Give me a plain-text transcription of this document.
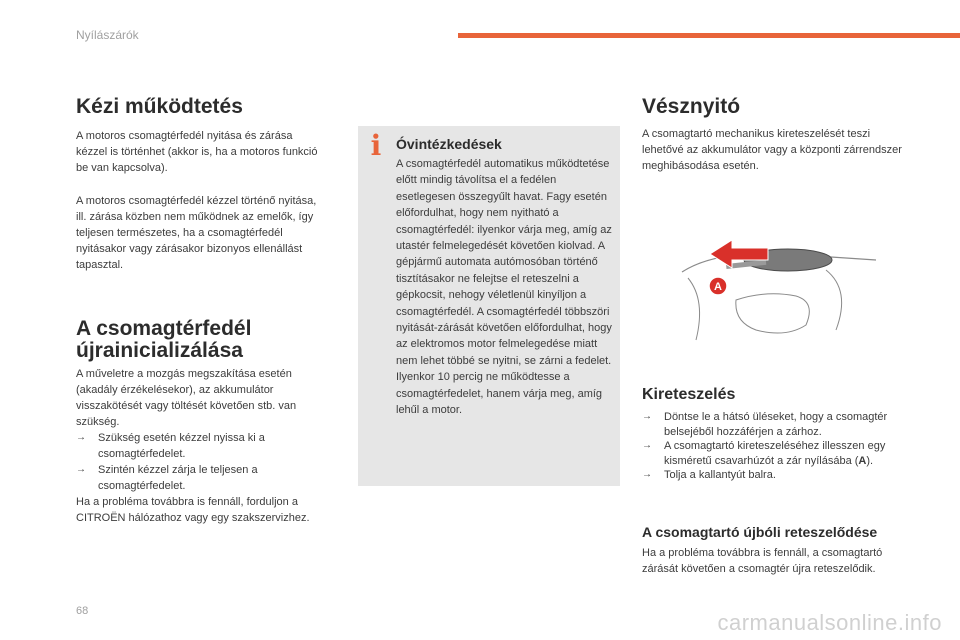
Nyílászárók
Kézi működtetés

A motoros csomagtérfedél nyitása és zárása kézzel is történhet (akkor is, ha a motoros funkció be van kapcsolva).

A motoros csomagtérfedél kézzel történő nyitása, ill. zárása közben nem működnek az emelők, így teljesen természetes, ha a csomagtérfedél nyitásakor vagy zárásakor bizonyos ellenállást tapasztal.

A csomagtérfedél újrainicializálása

A műveletre a mozgás megszakítása esetén (akadály érzékelésekor), az akkumulátor visszakötését vagy töltését követően stb. van szükség.

→ Szükség esetén kézzel nyissa ki a csomagtérfedelet.
→ Szintén kézzel zárja le teljesen a csomagtérfedelet.

Ha a probléma továbbra is fennáll, forduljon a CITROËN hálózathoz vagy egy szakszervizhez.

i	Óvintézkedések
A csomagtérfedél automatikus működtetése előtt mindig távolítsa el a fedélen esetlegesen összegyűlt havat. Fagy esetén előfordulhat, hogy nem nyitható a csomagtérfedél: ilyenkor várja meg, amíg az utastér felmelegedését követően kiolvad. A gépjármű automata autómosóban történő tisztításakor ne felejtse el reteszelni a gépkocsit, nehogy véletlenül kinyíljon a csomagtérfedél. A csomagtérfedél többszöri nyitását-zárását követően előfordulhat, hogy az elektromos motor felmelegedése miatt nem lehet többé se nyitni, se zárni a fedelet. Ilyenkor 10 percig ne működtesse a csomagtérfedelet, hanem várja meg, amíg lehűl a motor.
Vésznyitó

A csomagtartó mechanikus kireteszelését teszi lehetővé az akkumulátor vagy a központi zárrendszer meghibásodása esetén.

A
Kireteszelés
→ Döntse le a hátsó üléseket, hogy a csomagtér belsejéből hozzáférjen a zárhoz.
→ A csomagtartó kireteszeléséhez illesszen egy kisméretű csavarhúzót a zár nyílásába (A).
→ Tolja a kallantyút balra.
A csomagtartó újbóli reteszelődése

Ha a probléma továbbra is fennáll, a csomagtartó zárását követően a csomagtér újra reteszelődik.

68	carmanualsonline.info
